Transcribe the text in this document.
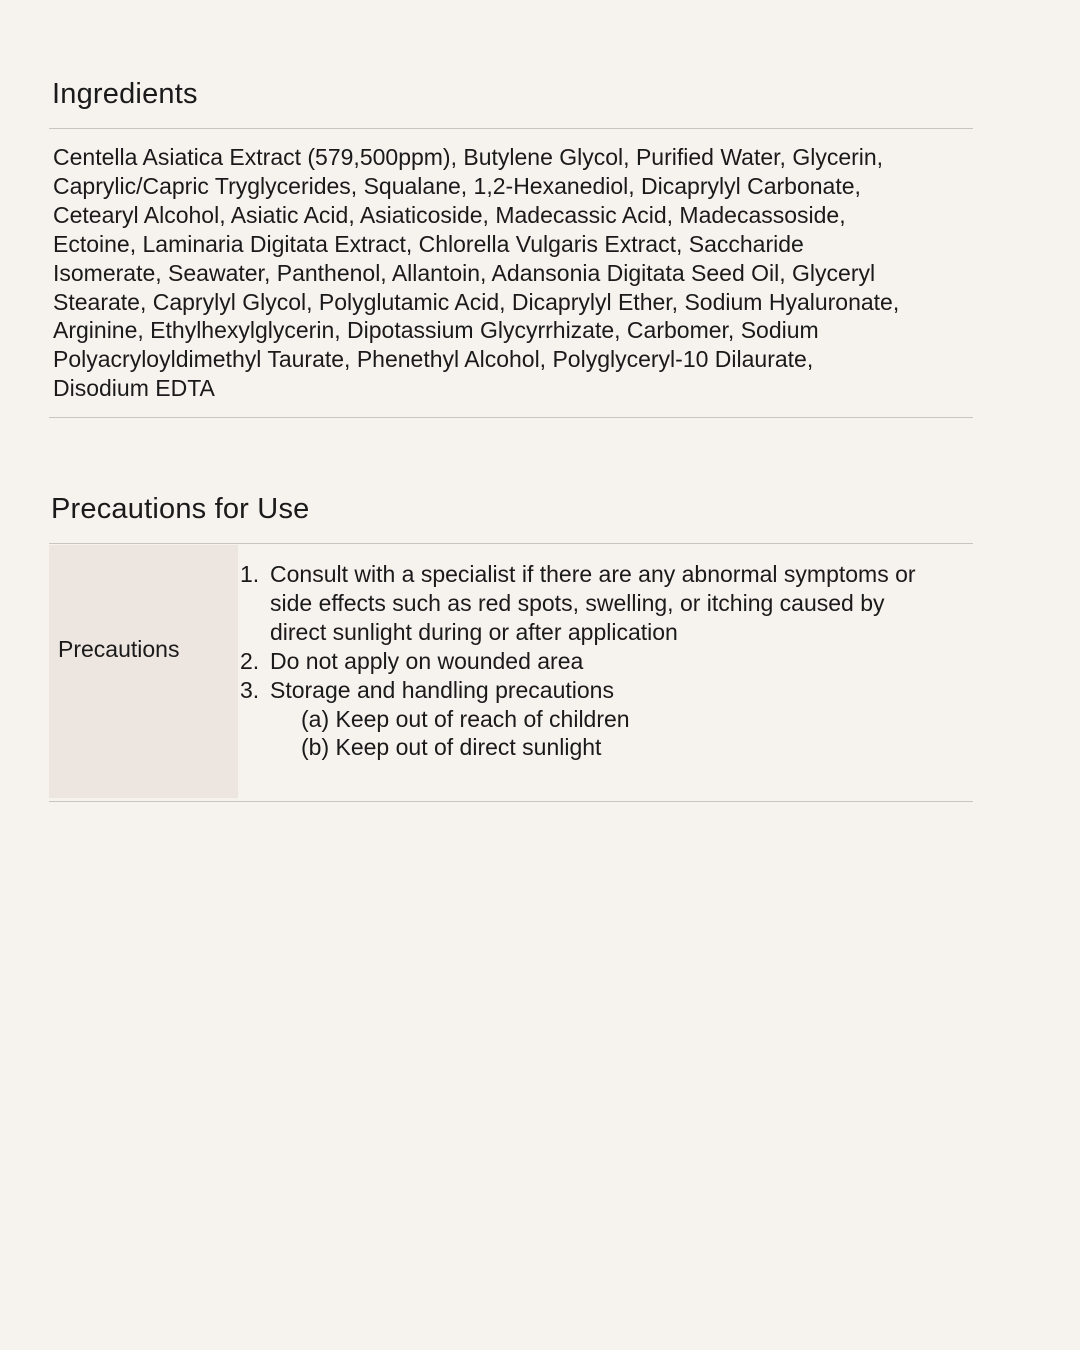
Ingredients
Centella Asiatica Extract (579,500ppm), Butylene Glycol, Purified Water, Glycerin,
Caprylic/Capric Tryglycerides, Squalane, 1,2-Hexanediol, Dicaprylyl Carbonate,
Cetearyl Alcohol, Asiatic Acid, Asiaticoside, Madecassic Acid, Madecassoside,
Ectoine, Laminaria Digitata Extract, Chlorella Vulgaris Extract, Saccharide
Isomerate, Seawater, Panthenol, Allantoin, Adansonia Digitata Seed Oil, Glyceryl
Stearate, Caprylyl Glycol, Polyglutamic Acid, Dicaprylyl Ether, Sodium Hyaluronate,
Arginine, Ethylhexylglycerin, Dipotassium Glycyrrhizate, Carbomer, Sodium
Polyacryloyldimethyl Taurate, Phenethyl Alcohol, Polyglyceryl-10 Dilaurate,
Disodium EDTA
Precautions for Use
Precautions
1. Consult with a specialist if there are any abnormal symptoms or
side effects such as red spots, swelling, or itching caused by
direct sunlight during or after application
2. Do not apply on wounded area
3. Storage and handling precautions
(a) Keep out of reach of children
(b) Keep out of direct sunlight
